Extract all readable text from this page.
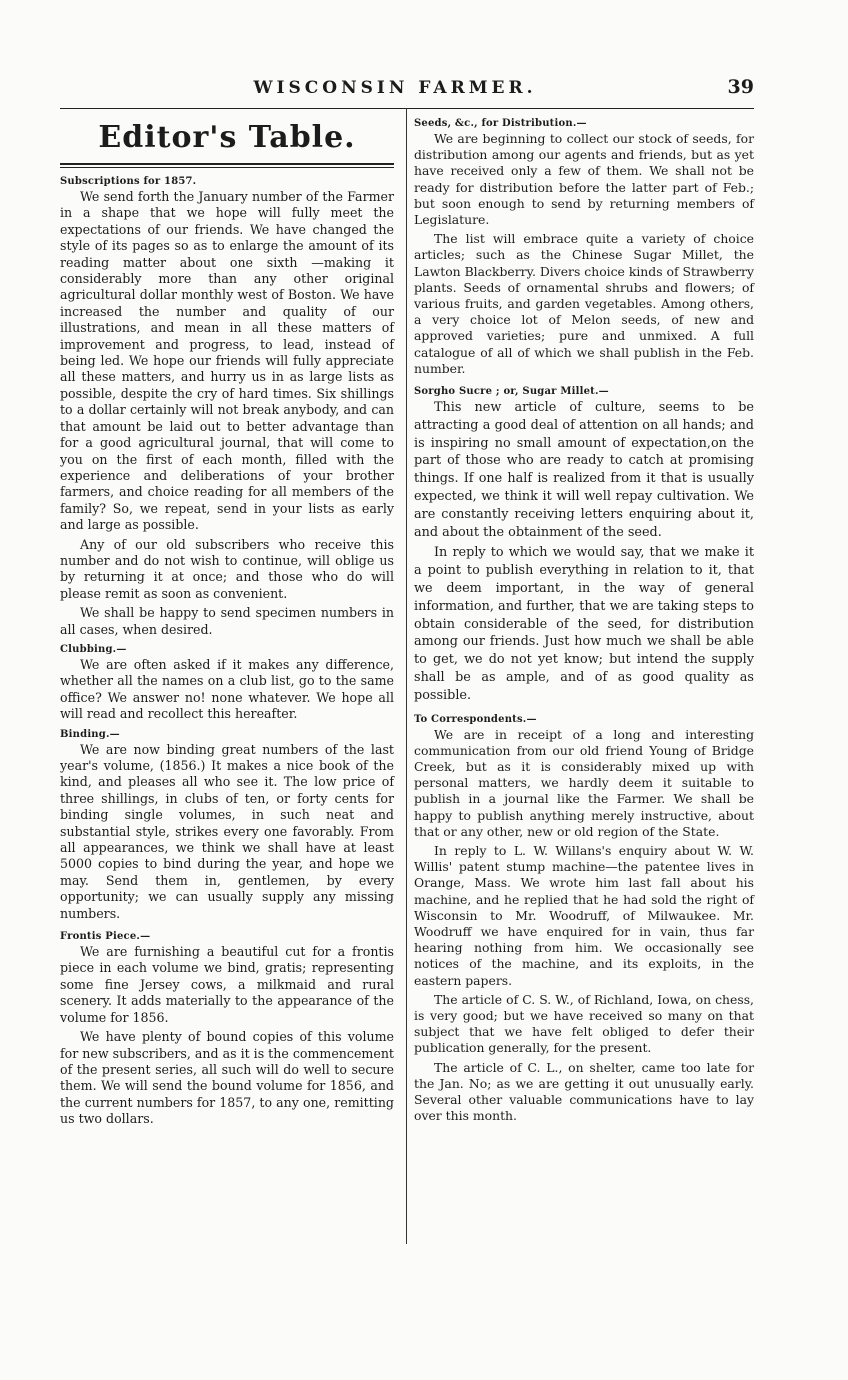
WISCONSIN FARMER.	39
Editor's Table.
Subscriptions for 1857.

We send forth the January number of the Farmer in a shape that we hope will fully meet the expectations of our friends. We have changed the style of its pages so as to enlarge the amount of its reading matter about one sixth —making it considerably more than any other original agricultural dollar monthly west of Boston. We have increased the number and quality of our illustrations, and mean in all these matters of improvement and progress, to lead, instead of being led. We hope our friends will fully appreciate all these matters, and hurry us in as large lists as possible, despite the cry of hard times. Six shillings to a dollar certainly will not break anybody, and can that amount be laid out to better advantage than for a good agricultural journal, that will come to you on the first of each month, filled with the experience and deliberations of your brother farmers, and choice reading for all members of the family? So, we repeat, send in your lists as early and large as possible.

Any of our old subscribers who receive this number and do not wish to continue, will oblige us by returning it at once; and those who do will please remit as soon as convenient.

We shall be happy to send specimen numbers in all cases, when desired.

Clubbing.—

We are often asked if it makes any difference, whether all the names on a club list, go to the same office? We answer no! none whatever. We hope all will read and recollect this hereafter.

Binding.—

We are now binding great numbers of the last year's volume, (1856.) It makes a nice book of the kind, and pleases all who see it. The low price of three shillings, in clubs of ten, or forty cents for binding single volumes, in such neat and substantial style, strikes every one favorably. From all appearances, we think we shall have at least 5000 copies to bind during the year, and hope we may. Send them in, gentlemen, by every opportunity; we can usually supply any missing numbers.

Frontis Piece.—

We are furnishing a beautiful cut for a frontis piece in each volume we bind, gratis; representing some fine Jersey cows, a milkmaid and rural scenery. It adds materially to the appearance of the volume for 1856.

We have plenty of bound copies of this volume for new subscribers, and as it is the commencement of the present series, all such will do well to secure them. We will send the bound volume for 1856, and the current numbers for 1857, to any one, remitting us two dollars.

Seeds, &c., for Distribution.—

We are beginning to collect our stock of seeds, for distribution among our agents and friends, but as yet have received only a few of them. We shall not be ready for distribution before the latter part of Feb.; but soon enough to send by returning members of Legislature.

The list will embrace quite a variety of choice articles; such as the Chinese Sugar Millet, the Lawton Blackberry. Divers choice kinds of Strawberry plants. Seeds of ornamental shrubs and flowers; of various fruits, and garden vegetables. Among others, a very choice lot of Melon seeds, of new and approved varieties; pure and unmixed. A full catalogue of all of which we shall publish in the Feb. number.

Sorgho Sucre ; or, Sugar Millet.—

This new article of culture, seems to be attracting a good deal of attention on all hands; and is inspiring no small amount of expectation,on the part of those who are ready to catch at promising things. If one half is realized from it that is usually expected, we think it will well repay cultivation. We are constantly receiving letters enquiring about it, and about the obtainment of the seed.

In reply to which we would say, that we make it a point to publish everything in relation to it, that we deem important, in the way of general information, and further, that we are taking steps to obtain considerable of the seed, for distribution among our friends. Just how much we shall be able to get, we do not yet know; but intend the supply shall be as ample, and of as good quality as possible.

To Correspondents.—

We are in receipt of a long and interesting communication from our old friend Young of Bridge Creek, but as it is considerably mixed up with personal matters, we hardly deem it suitable to publish in a journal like the Farmer. We shall be happy to publish anything merely instructive, about that or any other, new or old region of the State.

In reply to L. W. Willans's enquiry about W. W. Willis' patent stump machine—the patentee lives in Orange, Mass. We wrote him last fall about his machine, and he replied that he had sold the right of Wisconsin to Mr. Woodruff, of Milwaukee. Mr. Woodruff we have enquired for in vain, thus far hearing nothing from him. We occasionally see notices of the machine, and its exploits, in the eastern papers.

The article of C. S. W., of Richland, Iowa, on chess, is very good; but we have received so many on that subject that we have felt obliged to defer their publication generally, for the present.

The article of C. L., on shelter, came too late for the Jan. No; as we are getting it out unusually early. Several other valuable communications have to lay over this month.
